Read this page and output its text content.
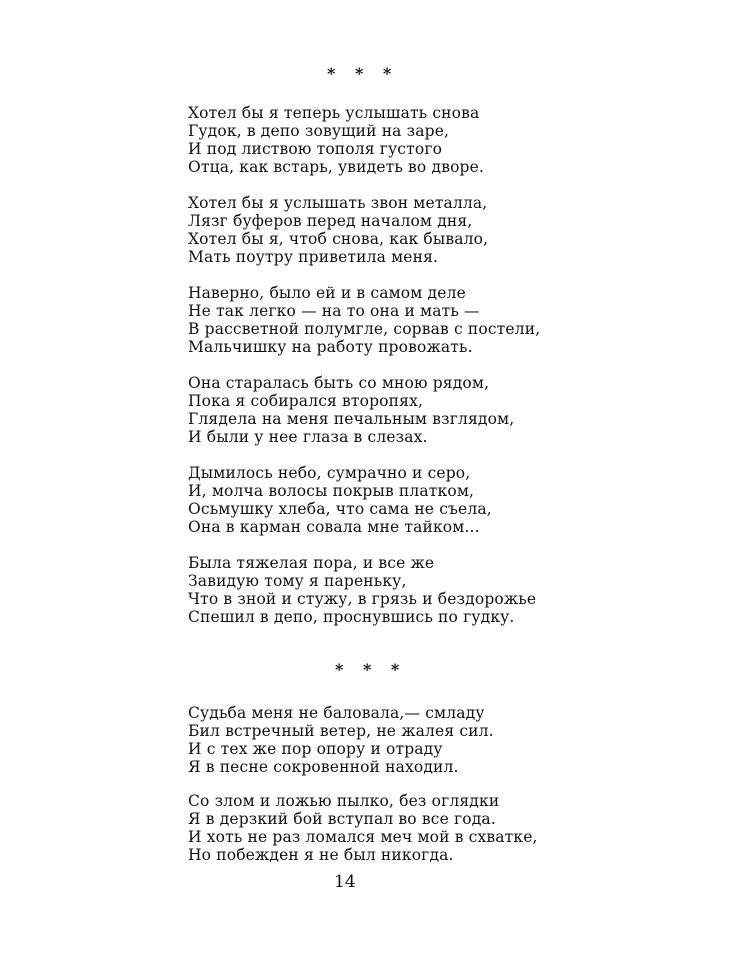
* * *
Хотел бы я теперь услышать снова
Гудок, в депо зовущий на заре,
И под листвою тополя густого
Отца, как встарь, увидеть во дворе.
Хотел бы я услышать звон металла,
Лязг буферов перед началом дня,
Хотел бы я, чтоб снова, как бывало,
Мать поутру приветила меня.
Наверно, было ей и в самом деле
Не так легко — на то она и мать —
В рассветной полумгле, сорвав с постели,
Мальчишку на работу провожать.
Она старалась быть со мною рядом,
Пока я собирался второпях,
Глядела на меня печальным взглядом,
И были у нее глаза в слезах.
Дымилось небо, сумрачно и серо,
И, молча волосы покрыв платком,
Осьмушку хлеба, что сама не съела,
Она в карман совала мне тайком...
Была тяжелая пора, и все же
Завидую тому я пареньку,
Что в зной и стужу, в грязь и бездорожье
Спешил в депо, проснувшись по гудку.
* * *
Судьба меня не баловала,— смладу
Бил встречный ветер, не жалея сил.
И с тех же пор опору и отраду
Я в песне сокровенной находил.
Со злом и ложью пылко, без оглядки
Я в дерзкий бой вступал во все года.
И хоть не раз ломался меч мой в схватке,
Но побежден я не был никогда.
14
